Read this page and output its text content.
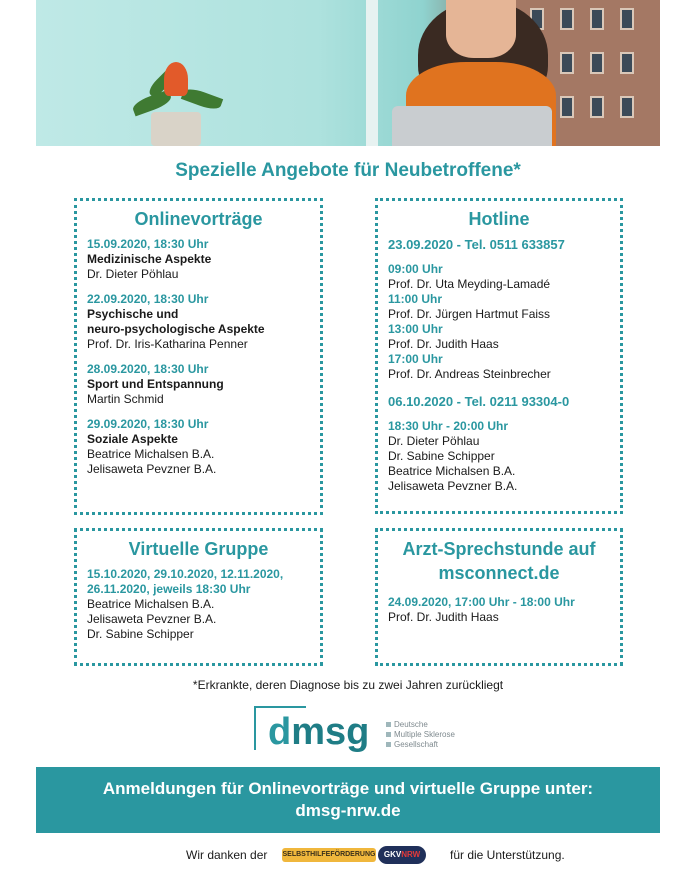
Spezielle Angebote für Neubetroffene*
Onlinevorträge
15.09.2020, 18:30 Uhr
Medizinische Aspekte
Dr. Dieter Pöhlau
22.09.2020, 18:30 Uhr
Psychische und
neuro-psychologische Aspekte
Prof. Dr. Iris-Katharina Penner
28.09.2020, 18:30 Uhr
Sport und Entspannung
Martin Schmid
29.09.2020, 18:30 Uhr
Soziale Aspekte
Beatrice Michalsen B.A.
Jelisaweta Pevzner B.A.
Hotline
23.09.2020 - Tel. 0511 633857
09:00 Uhr
Prof. Dr. Uta Meyding-Lamadé
11:00 Uhr
Prof. Dr. Jürgen Hartmut Faiss
13:00 Uhr
Prof. Dr. Judith Haas
17:00 Uhr
Prof. Dr. Andreas Steinbrecher
06.10.2020 - Tel. 0211 93304-0
18:30 Uhr - 20:00 Uhr
Dr. Dieter Pöhlau
Dr. Sabine Schipper
Beatrice Michalsen B.A.
Jelisaweta Pevzner B.A.
Virtuelle Gruppe
15.10.2020, 29.10.2020, 12.11.2020,
26.11.2020, jeweils 18:30 Uhr
Beatrice Michalsen B.A.
Jelisaweta Pevzner B.A.
Dr. Sabine Schipper
Arzt-Sprechstunde auf
msconnect.de
24.09.2020, 17:00 Uhr - 18:00 Uhr
Prof. Dr. Judith Haas
*Erkrankte, deren Diagnose bis zu zwei Jahren zurückliegt
dmsg	Deutsche
Multiple Sklerose
Gesellschaft
Anmeldungen für Onlinevorträge und virtuelle Gruppe unter:
dmsg-nrw.de
Wir danken der SELBSTHILFEFÖRDERUNG	GKVNRW	für die Unterstützung.
